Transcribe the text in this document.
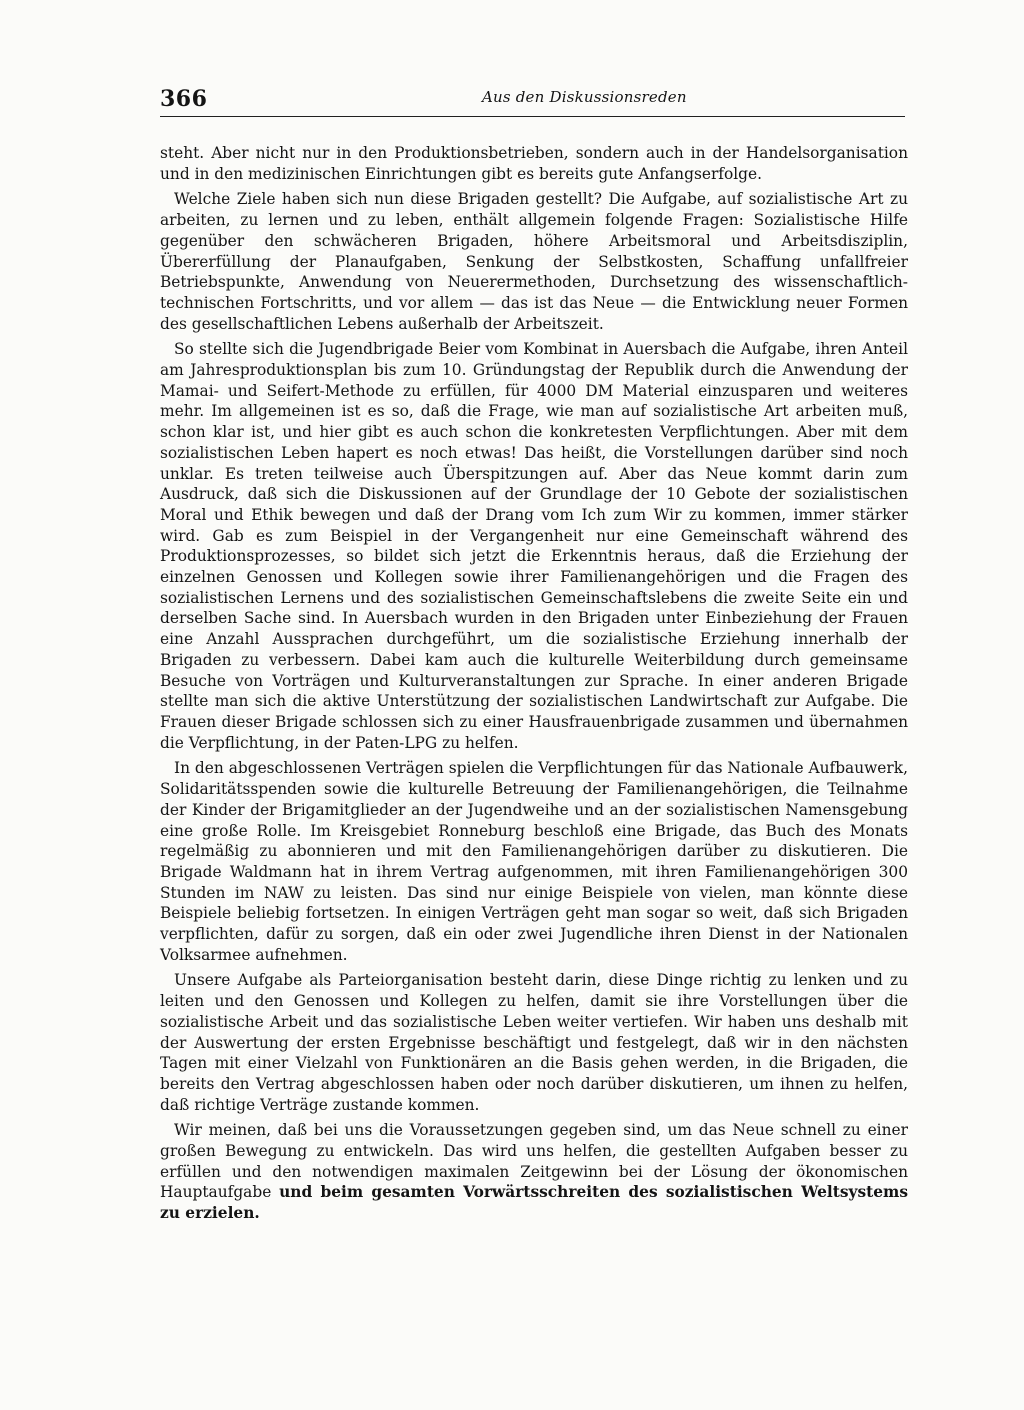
366	Aus den Diskussionsreden

steht. Aber nicht nur in den Produktionsbetrieben, sondern auch in der Handelsorganisation und in den medizinischen Einrichtungen gibt es bereits gute Anfangserfolge.

Welche Ziele haben sich nun diese Brigaden gestellt? Die Aufgabe, auf sozialistische Art zu arbeiten, zu lernen und zu leben, enthält allgemein folgende Fragen: Sozialistische Hilfe gegenüber den schwächeren Brigaden, höhere Arbeitsmoral und Arbeitsdisziplin, Übererfüllung der Planaufgaben, Senkung der Selbstkosten, Schaffung unfallfreier Betriebspunkte, Anwendung von Neuerermethoden, Durchsetzung des wissenschaftlich-technischen Fortschritts, und vor allem — das ist das Neue — die Entwicklung neuer Formen des gesellschaftlichen Lebens außerhalb der Arbeitszeit.

So stellte sich die Jugendbrigade Beier vom Kombinat in Auersbach die Aufgabe, ihren Anteil am Jahresproduktionsplan bis zum 10. Gründungstag der Republik durch die Anwendung der Mamai- und Seifert-Methode zu erfüllen, für 4000 DM Material einzusparen und weiteres mehr. Im allgemeinen ist es so, daß die Frage, wie man auf sozialistische Art arbeiten muß, schon klar ist, und hier gibt es auch schon die konkretesten Verpflichtungen. Aber mit dem sozialistischen Leben hapert es noch etwas! Das heißt, die Vorstellungen darüber sind noch unklar. Es treten teilweise auch Überspitzungen auf. Aber das Neue kommt darin zum Ausdruck, daß sich die Diskussionen auf der Grundlage der 10 Gebote der sozialistischen Moral und Ethik bewegen und daß der Drang vom Ich zum Wir zu kommen, immer stärker wird. Gab es zum Beispiel in der Vergangenheit nur eine Gemeinschaft während des Produktionsprozesses, so bildet sich jetzt die Erkenntnis heraus, daß die Erziehung der einzelnen Genossen und Kollegen sowie ihrer Familienangehörigen und die Fragen des sozialistischen Lernens und des sozialistischen Gemeinschaftslebens die zweite Seite ein und derselben Sache sind. In Auersbach wurden in den Brigaden unter Einbeziehung der Frauen eine Anzahl Aussprachen durchgeführt, um die sozialistische Erziehung innerhalb der Brigaden zu verbessern. Dabei kam auch die kulturelle Weiterbildung durch gemeinsame Besuche von Vorträgen und Kulturveranstaltungen zur Sprache. In einer anderen Brigade stellte man sich die aktive Unterstützung der sozialistischen Landwirtschaft zur Aufgabe. Die Frauen dieser Brigade schlossen sich zu einer Hausfrauenbrigade zusammen und übernahmen die Verpflichtung, in der Paten-LPG zu helfen.

In den abgeschlossenen Verträgen spielen die Verpflichtungen für das Nationale Aufbauwerk, Solidaritätsspenden sowie die kulturelle Betreuung der Familienangehörigen, die Teilnahme der Kinder der Brigamitglieder an der Jugendweihe und an der sozialistischen Namensgebung eine große Rolle. Im Kreisgebiet Ronneburg beschloß eine Brigade, das Buch des Monats regelmäßig zu abonnieren und mit den Familienangehörigen darüber zu diskutieren. Die Brigade Waldmann hat in ihrem Vertrag aufgenommen, mit ihren Familienangehörigen 300 Stunden im NAW zu leisten. Das sind nur einige Beispiele von vielen, man könnte diese Beispiele beliebig fortsetzen. In einigen Verträgen geht man sogar so weit, daß sich Brigaden verpflichten, dafür zu sorgen, daß ein oder zwei Jugendliche ihren Dienst in der Nationalen Volksarmee aufnehmen.

Unsere Aufgabe als Parteiorganisation besteht darin, diese Dinge richtig zu lenken und zu leiten und den Genossen und Kollegen zu helfen, damit sie ihre Vorstellungen über die sozialistische Arbeit und das sozialistische Leben weiter vertiefen. Wir haben uns deshalb mit der Auswertung der ersten Ergebnisse beschäftigt und festgelegt, daß wir in den nächsten Tagen mit einer Vielzahl von Funktionären an die Basis gehen werden, in die Brigaden, die bereits den Vertrag abgeschlossen haben oder noch darüber diskutieren, um ihnen zu helfen, daß richtige Verträge zustande kommen.

Wir meinen, daß bei uns die Voraussetzungen gegeben sind, um das Neue schnell zu einer großen Bewegung zu entwickeln. Das wird uns helfen, die gestellten Aufgaben besser zu erfüllen und den notwendigen maximalen Zeitgewinn bei der Lösung der ökonomischen Hauptaufgabe und beim gesamten Vorwärtsschreiten des sozialistischen Weltsystems zu erzielen.
